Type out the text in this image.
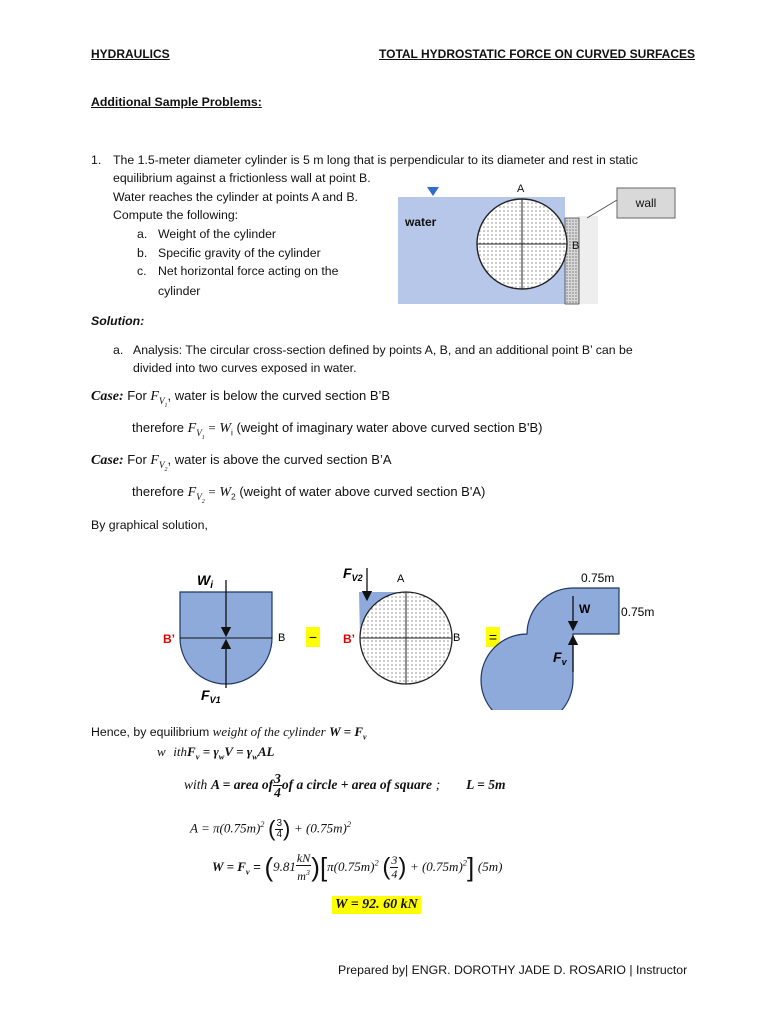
HYDRAULICS	TOTAL HYDROSTATIC FORCE ON CURVED SURFACES
Additional Sample Problems:
1. The 1.5-meter diameter cylinder is 5 m long that is perpendicular to its diameter and rest in static
equilibrium against a frictionless wall at point B.
Water reaches the cylinder at points A and B.
Compute the following:
a. Weight of the cylinder
b. Specific gravity of the cylinder
c. Net horizontal force acting on the
cylinder
water
A
B
wall
Solution:
a. Analysis: The circular cross-section defined by points A, B, and an additional point B’ can be
divided into two curves exposed in water.
Case: For $F_{V_1}$, water is below the curved section B’B
therefore $F_{V_1} = W_i$ (weight of imaginary water above curved section B'B)
Case: For $F_{V_2}$, water is above the curved section B’A
therefore $F_{V_2} = W_2$ (weight of water above curved section B'A)
By graphical solution,
$W_i$
$F_{V1}$
B’	B −
$F_{V2}$	A
B’	B =
W
$F_v$
0.75m
0.75m
Hence, by equilibrium weight of the cylinder $W = F_v$
w ithF$_v$ = $\gamma_wV = \gamma_wAL$
with A = area of $\frac{3}{4}$ of a circle + area of square ; L = 5m
$A = \pi(0.75m)^2$ ( $\frac{3}{4}$ ) + $(0.75m)^2$
$W = F_v = (9.81 \frac{kN}{m^3} )[\pi(0.75m)^2$ ( $\frac{3}{4}$ ) + $(0.75m)^2$] (5m)
W = 92. 60 kN
Prepared by| ENGR. DOROTHY JADE D. ROSARIO | Instructor
